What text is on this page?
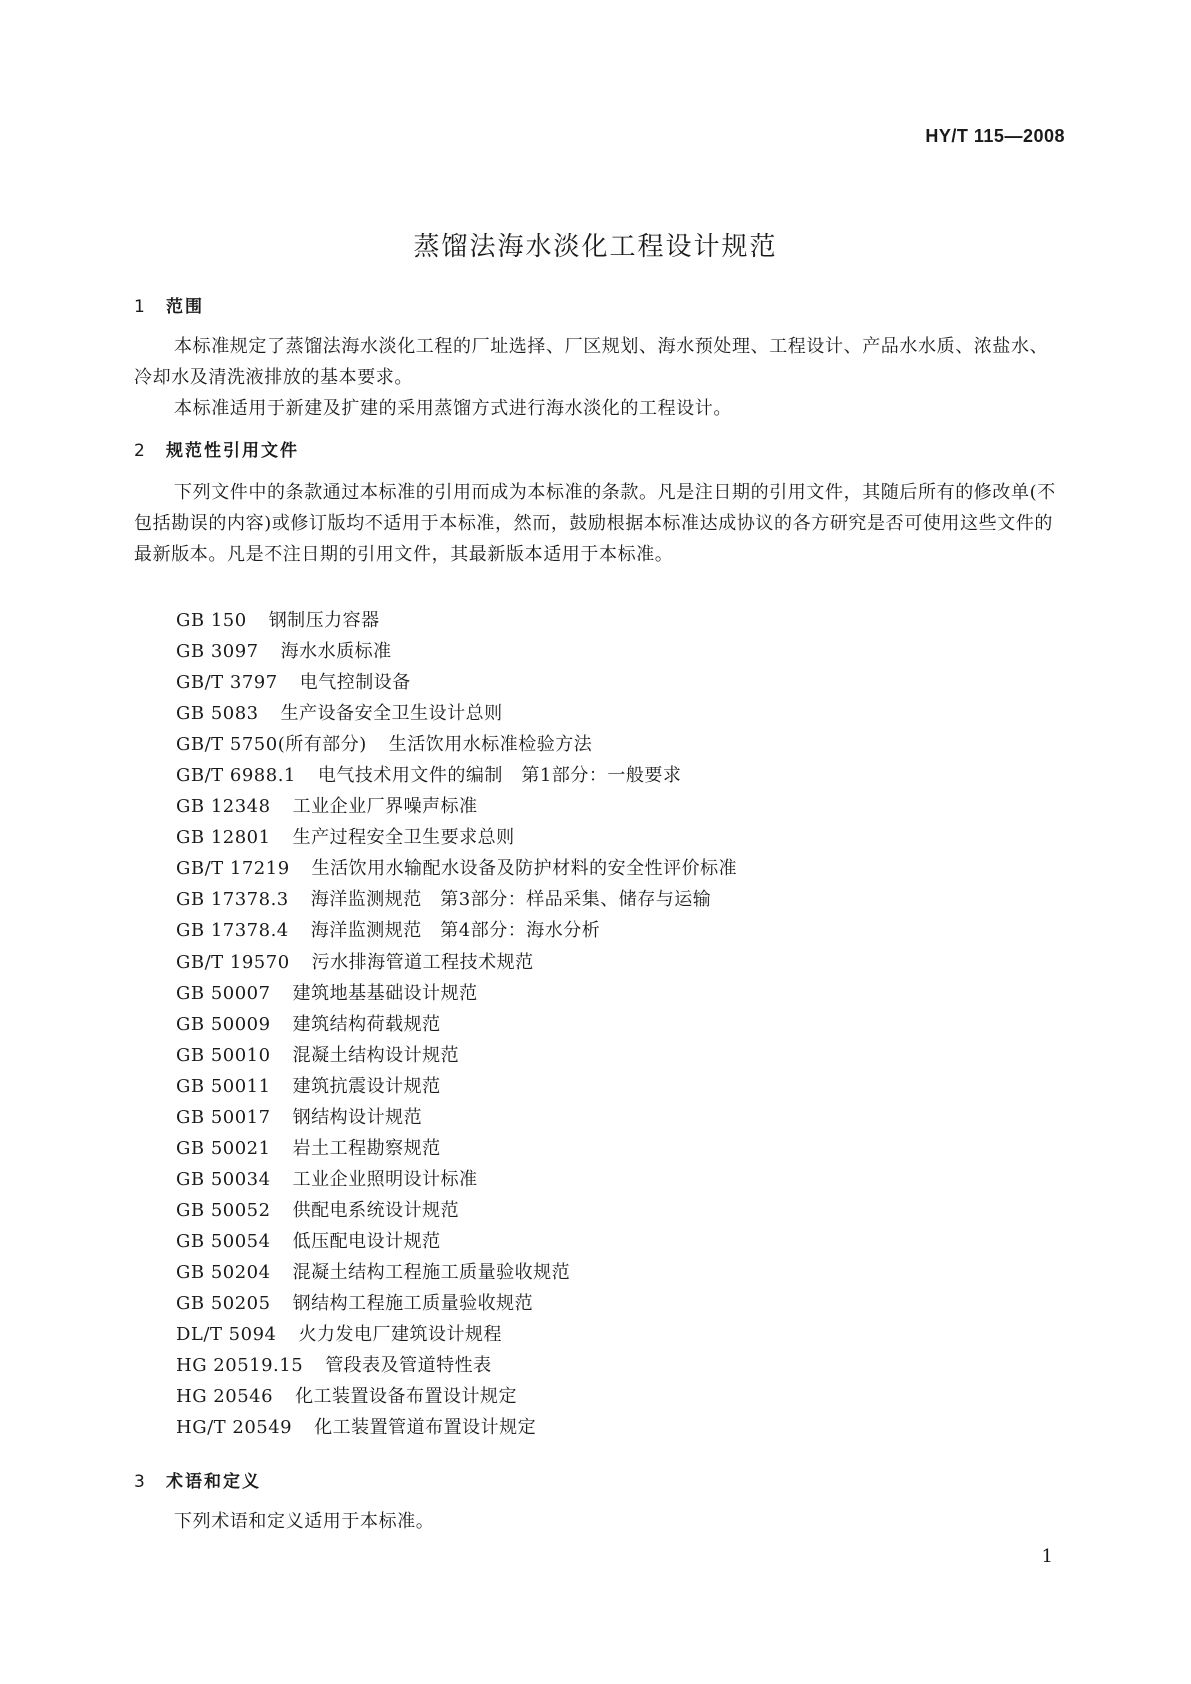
HY/T 115—2008
蒸馏法海水淡化工程设计规范
1 范围

本标准规定了蒸馏法海水淡化工程的厂址选择、厂区规划、海水预处理、工程设计、产品水水质、浓盐水、冷却水及清洗液排放的基本要求。

本标准适用于新建及扩建的采用蒸馏方式进行海水淡化的工程设计。

2 规范性引用文件

下列文件中的条款通过本标准的引用而成为本标准的条款。凡是注日期的引用文件，其随后所有的修改单(不包括勘误的内容)或修订版均不适用于本标准，然而，鼓励根据本标准达成协议的各方研究是否可使用这些文件的最新版本。凡是不注日期的引用文件，其最新版本适用于本标准。

GB 150 钢制压力容器
GB 3097 海水水质标准
GB/T 3797 电气控制设备
GB 5083 生产设备安全卫生设计总则
GB/T 5750(所有部分) 生活饮用水标准检验方法
GB/T 6988.1 电气技术用文件的编制　第1部分：一般要求
GB 12348 工业企业厂界噪声标准
GB 12801 生产过程安全卫生要求总则
GB/T 17219 生活饮用水输配水设备及防护材料的安全性评价标准
GB 17378.3 海洋监测规范　第3部分：样品采集、储存与运输
GB 17378.4 海洋监测规范　第4部分：海水分析
GB/T 19570 污水排海管道工程技术规范
GB 50007 建筑地基基础设计规范
GB 50009 建筑结构荷载规范
GB 50010 混凝土结构设计规范
GB 50011 建筑抗震设计规范
GB 50017 钢结构设计规范
GB 50021 岩土工程勘察规范
GB 50034 工业企业照明设计标准
GB 50052 供配电系统设计规范
GB 50054 低压配电设计规范
GB 50204 混凝土结构工程施工质量验收规范
GB 50205 钢结构工程施工质量验收规范
DL/T 5094 火力发电厂建筑设计规程
HG 20519.15 管段表及管道特性表
HG 20546 化工装置设备布置设计规定
HG/T 20549 化工装置管道布置设计规定
3 术语和定义

下列术语和定义适用于本标准。

1
